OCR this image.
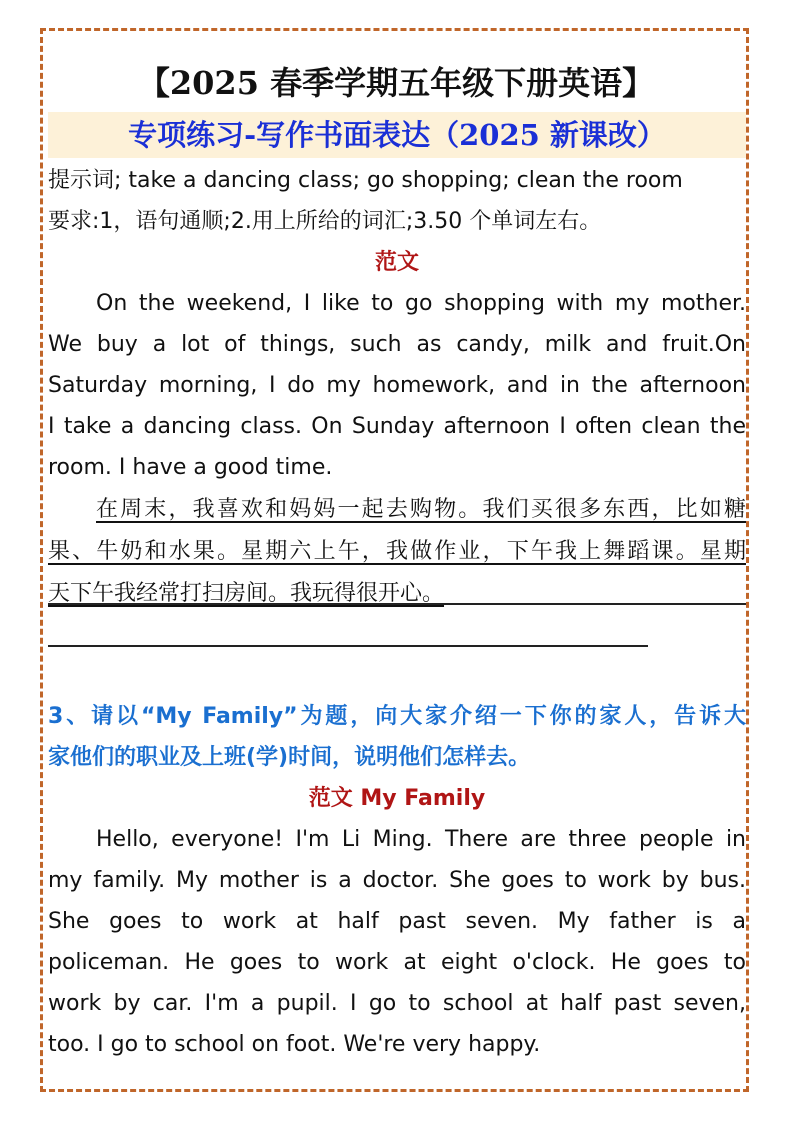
【2025 春季学期五年级下册英语】
专项练习-写作书面表达（2025 新课改）
提示词; take a dancing class; go shopping; clean the room
要求:1，语句通顺;2.用上所给的词汇;3.50 个单词左右。
范文
On the weekend, I like to go shopping with my mother.
We buy a lot of things, such as candy, milk and fruit.On
Saturday morning, I do my homework, and in the afternoon
I take a dancing class. On Sunday afternoon I often clean the
room. I have a good time.
在周末，我喜欢和妈妈一起去购物。我们买很多东西，比如糖
果、牛奶和水果。星期六上午，我做作业，下午我上舞蹈课。星期
天下午我经常打扫房间。我玩得很开心。
3、请以“My Family”为题，向大家介绍一下你的家人，告诉大
家他们的职业及上班(学)时间，说明他们怎样去。
范文 My Family
Hello, everyone! I'm Li Ming. There are three people in
my family. My mother is a doctor. She goes to work by bus.
She goes to work at half past seven. My father is a
policeman. He goes to work at eight o'clock. He goes to
work by car. I'm a pupil. I go to school at half past seven,
too. I go to school on foot. We're very happy.
